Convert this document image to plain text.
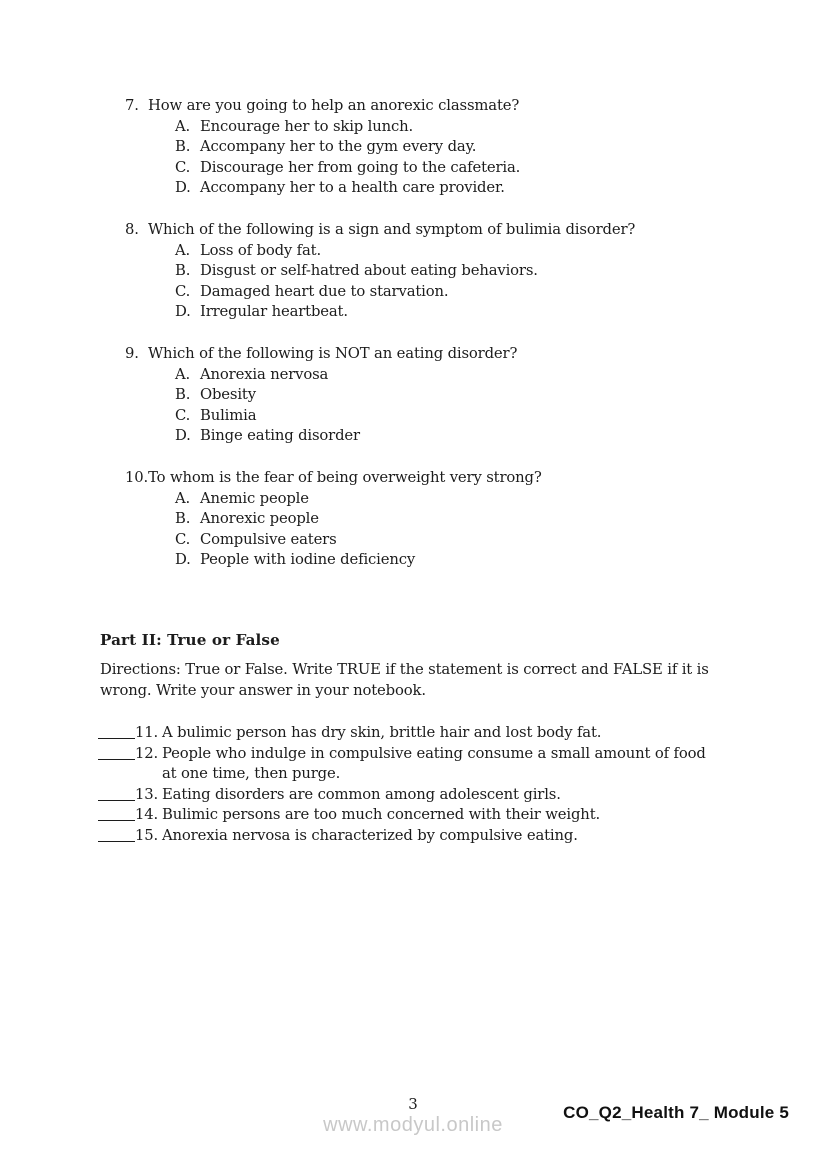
7. How are you going to help an anorexic classmate?
A. Encourage her to skip lunch.
B. Accompany her to the gym every day.
C. Discourage her from going to the cafeteria.
D. Accompany her to a health care provider.
8. Which of the following is a sign and symptom of bulimia disorder?
A. Loss of body fat.
B. Disgust or self-hatred about eating behaviors.
C. Damaged heart due to starvation.
D. Irregular heartbeat.
9. Which of the following is NOT an eating disorder?
A. Anorexia nervosa
B. Obesity
C. Bulimia
D. Binge eating disorder
10. To whom is the fear of being overweight very strong?
A. Anemic people
B. Anorexic people
C. Compulsive eaters
D. People with iodine deficiency
Part II: True or False
Directions: True or False. Write TRUE if the statement is correct and FALSE if it is
wrong. Write your answer in your notebook.
11. A bulimic person has dry skin, brittle hair and lost body fat.
12. People who indulge in compulsive eating consume a small amount of food
at one time, then purge.
13. Eating disorders are common among adolescent girls.
14. Bulimic persons are too much concerned with their weight.
15. Anorexia nervosa is characterized by compulsive eating.
3
www.modyul.online
CO_Q2_Health 7_ Module 5
